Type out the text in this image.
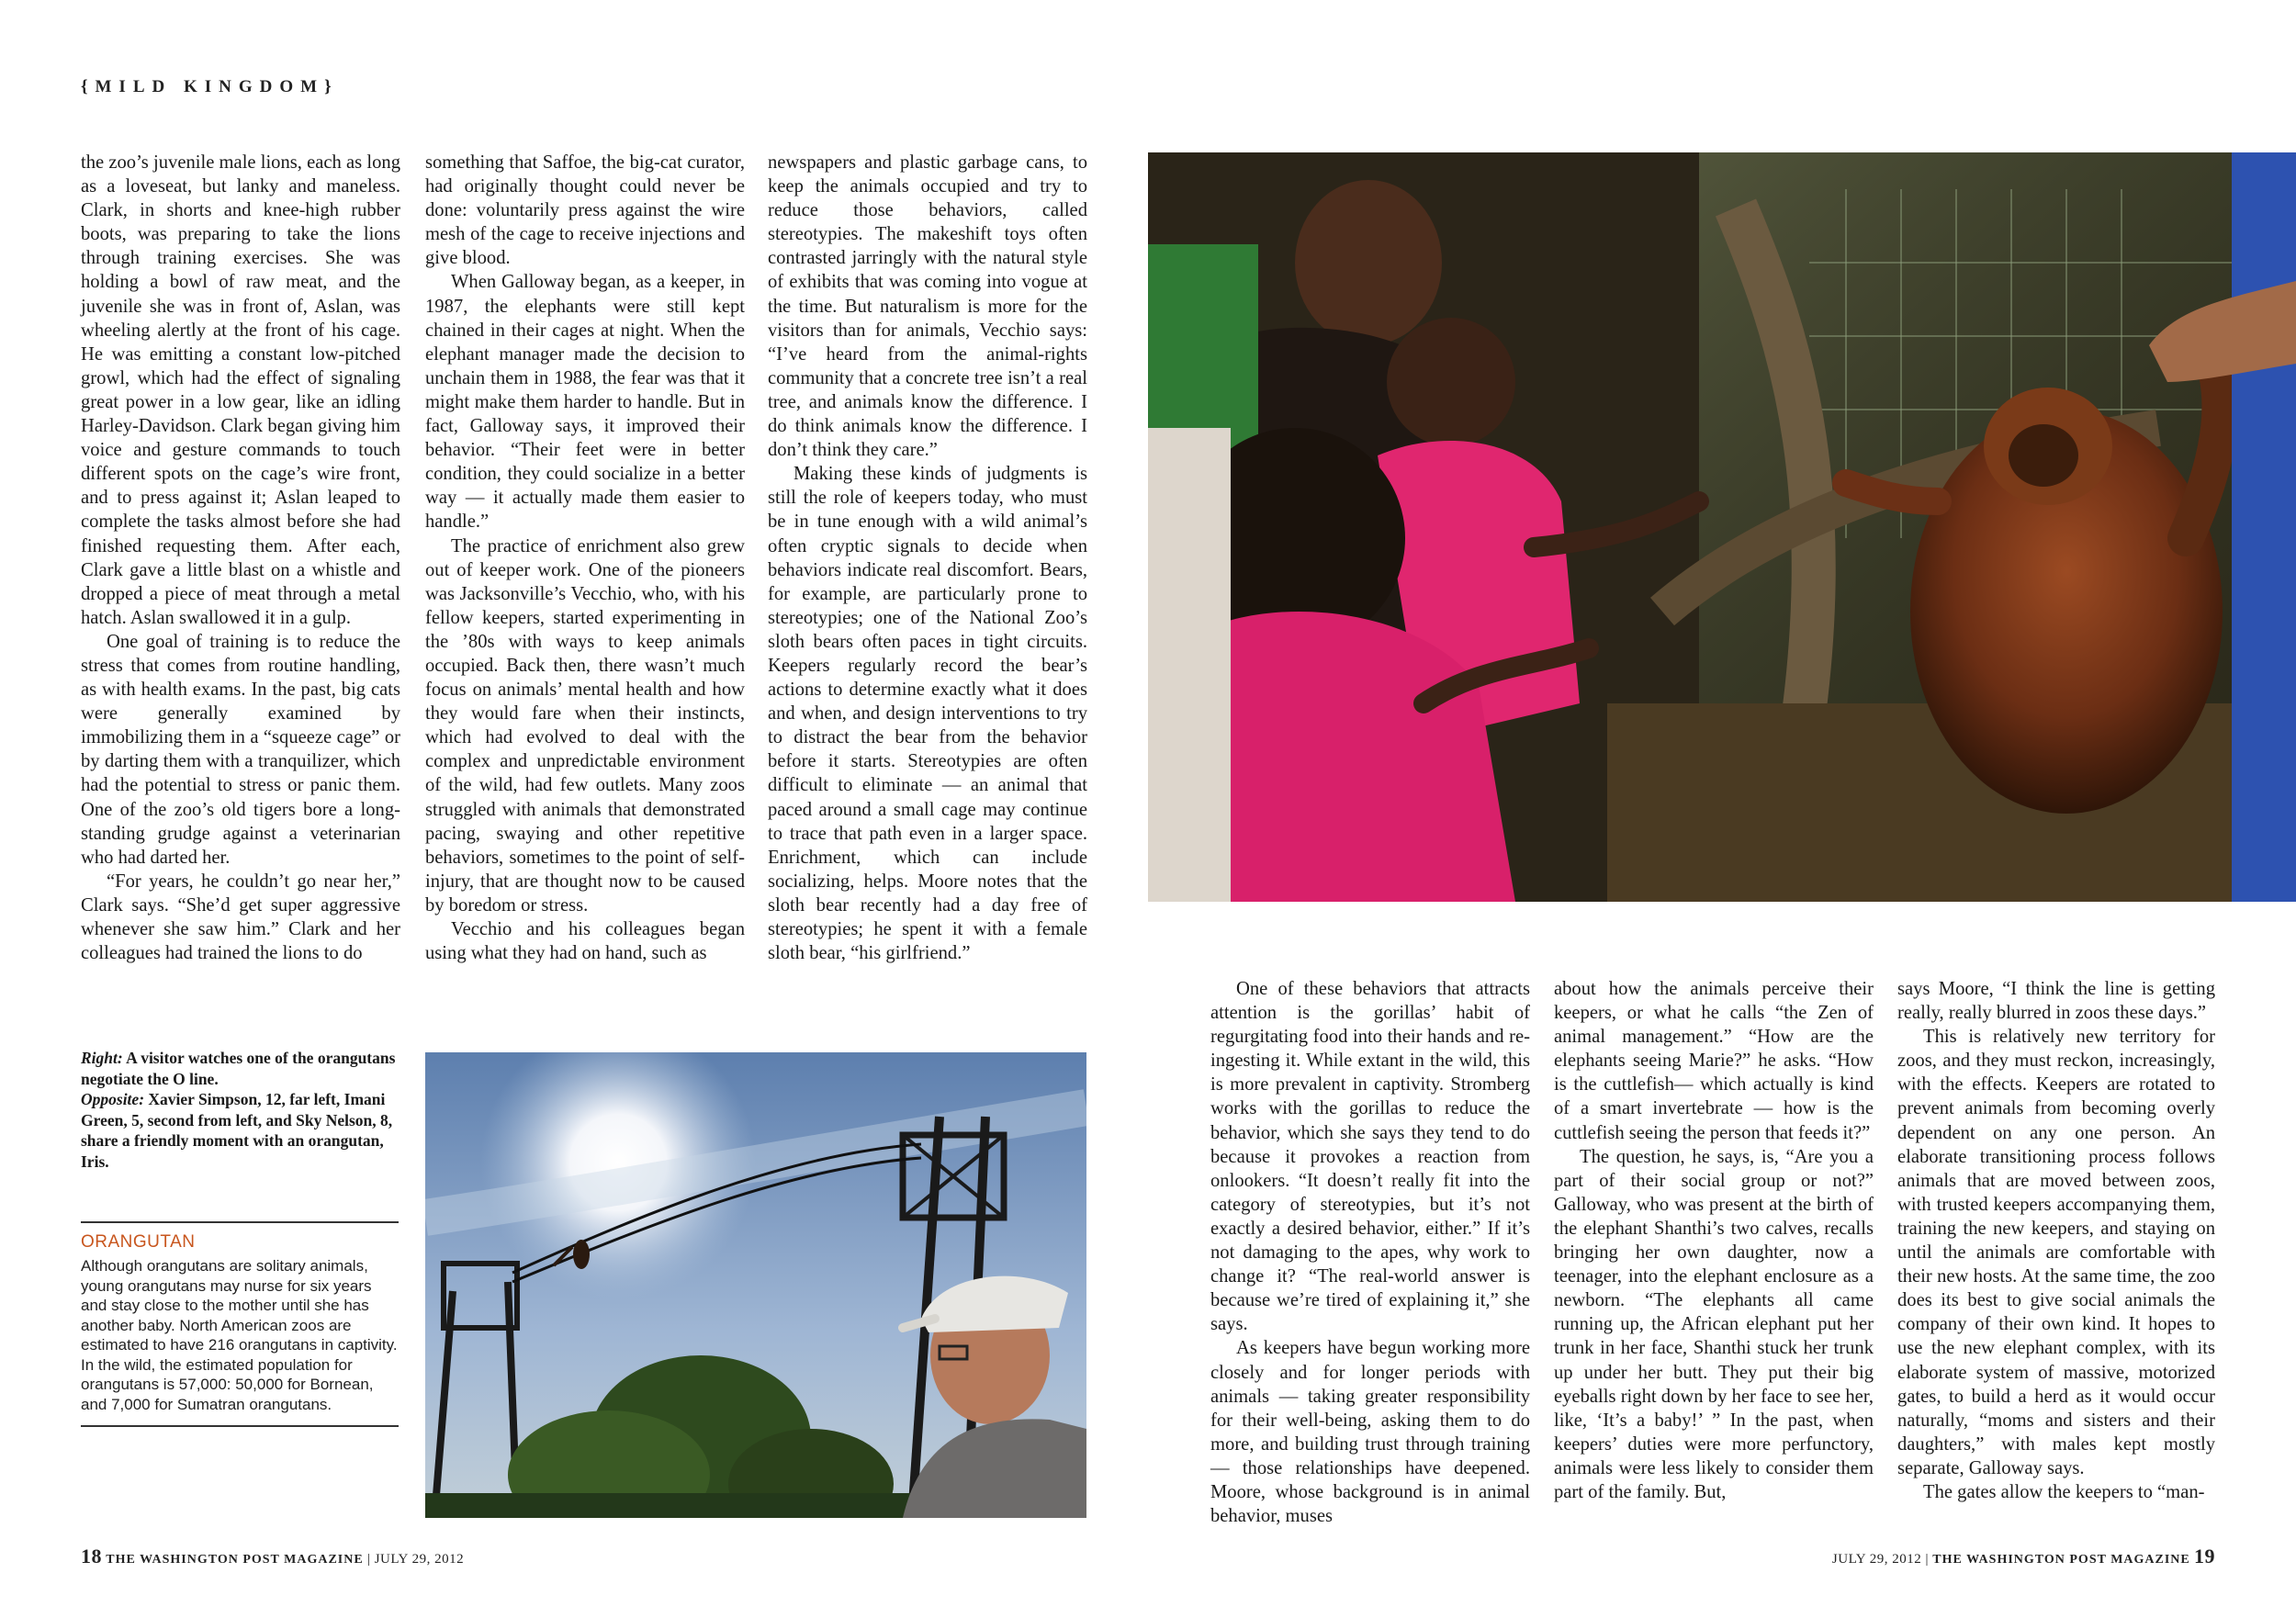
{MILD KINGDOM}

the zoo’s juvenile male lions, each as long as a loveseat, but lanky and maneless. Clark, in shorts and knee-high rubber boots, was preparing to take the lions through training exercises. She was holding a bowl of raw meat, and the juvenile she was in front of, Aslan, was wheeling alertly at the front of his cage. He was emitting a constant low-pitched growl, which had the effect of signaling great power in a low gear, like an idling Harley-Davidson. Clark began giving him voice and gesture commands to touch different spots on the cage’s wire front, and to press against it; Aslan leaped to complete the tasks almost before she had finished requesting them. After each, Clark gave a little blast on a whistle and dropped a piece of meat through a metal hatch. Aslan swallowed it in a gulp.

One goal of training is to reduce the stress that comes from routine handling, as with health exams. In the past, big cats were generally examined by immobilizing them in a “squeeze cage” or by darting them with a tranquilizer, which had the potential to stress or panic them. One of the zoo’s old tigers bore a long-standing grudge against a veterinarian who had darted her.

“For years, he couldn’t go near her,” Clark says. “She’d get super aggressive whenever she saw him.” Clark and her colleagues had trained the lions to do

something that Saffoe, the big-cat curator, had originally thought could never be done: voluntarily press against the wire mesh of the cage to receive injections and give blood.

When Galloway began, as a keeper, in 1987, the elephants were still kept chained in their cages at night. When the elephant manager made the decision to unchain them in 1988, the fear was that it might make them harder to handle. But in fact, Galloway says, it improved their behavior. “Their feet were in better condition, they could socialize in a better way — it actually made them easier to handle.”

The practice of enrichment also grew out of keeper work. One of the pioneers was Jacksonville’s Vecchio, who, with his fellow keepers, started experimenting in the ’80s with ways to keep animals occupied. Back then, there wasn’t much focus on animals’ mental health and how they would fare when their instincts, which had evolved to deal with the complex and unpredictable environment of the wild, had few outlets. Many zoos struggled with animals that demonstrated pacing, swaying and other repetitive behaviors, sometimes to the point of self-injury, that are thought now to be caused by boredom or stress.

Vecchio and his colleagues began using what they had on hand, such as

newspapers and plastic garbage cans, to keep the animals occupied and try to reduce those behaviors, called stereotypies. The makeshift toys often contrasted jarringly with the natural style of exhibits that was coming into vogue at the time. But naturalism is more for the visitors than for animals, Vecchio says: “I’ve heard from the animal-rights community that a concrete tree isn’t a real tree, and animals know the difference. I do think animals know the difference. I don’t think they care.”

Making these kinds of judgments is still the role of keepers today, who must be in tune enough with a wild animal’s often cryptic signals to decide when behaviors indicate real discomfort. Bears, for example, are particularly prone to stereotypies; one of the National Zoo’s sloth bears often paces in tight circuits. Keepers regularly record the bear’s actions to determine exactly what it does and when, and design interventions to try to distract the bear from the behavior before it starts. Stereotypies are often difficult to eliminate — an animal that paced around a small cage may continue to trace that path even in a larger space. Enrichment, which can include socializing, helps. Moore notes that the sloth bear recently had a day free of stereotypies; he spent it with a female sloth bear, “his girlfriend.”

One of these behaviors that attracts attention is the gorillas’ habit of regurgitating food into their hands and re-ingesting it. While extant in the wild, this is more prevalent in captivity. Stromberg works with the gorillas to reduce the behavior, which she says they tend to do because it provokes a reaction from onlookers. “It doesn’t really fit into the category of stereotypies, but it’s not exactly a desired behavior, either.” If it’s not damaging to the apes, why work to change it? “The real-world answer is because we’re tired of explaining it,” she says.

As keepers have begun working more closely and for longer periods with animals — taking greater responsibility for their well-being, asking them to do more, and building trust through training — those relationships have deepened. Moore, whose background is in animal behavior, muses

about how the animals perceive their keepers, or what he calls “the Zen of animal management.” “How are the elephants seeing Marie?” he asks. “How is the cuttlefish— which actually is kind of a smart invertebrate — how is the cuttlefish seeing the person that feeds it?”

The question, he says, is, “Are you a part of their social group or not?” Galloway, who was present at the birth of the elephant Shanthi’s two calves, recalls bringing her own daughter, now a teenager, into the elephant enclosure as a newborn. “The elephants all came running up, the African elephant put her trunk in her face, Shanthi stuck her trunk up under her butt. They put their big eyeballs right down by her face to see her, like, ‘It’s a baby!’ ” In the past, when keepers’ duties were more perfunctory, animals were less likely to consider them part of the family. But,

says Moore, “I think the line is getting really, really blurred in zoos these days.”

This is relatively new territory for zoos, and they must reckon, increasingly, with the effects. Keepers are rotated to prevent animals from becoming overly dependent on any one person. An elaborate transitioning process follows animals that are moved between zoos, with trusted keepers accompanying them, training the new keepers, and staying on until the animals are comfortable with their new hosts. At the same time, the zoo does its best to give social animals the company of their own kind. It hopes to use the new elephant complex, with its elaborate system of massive, motorized gates, to build a herd as it would occur naturally, “moms and sisters and their daughters,” with males kept mostly separate, Galloway says.

The gates allow the keepers to “man-

Right: A visitor watches one of the orangutans negotiate the O line.
Opposite: Xavier Simpson, 12, far left, Imani Green, 5, second from left, and Sky Nelson, 8, share a friendly moment with an orangutan, Iris.
ORANGUTAN
Although orangutans are solitary animals, young orangutans may nurse for six years and stay close to the mother until she has another baby. North American zoos are estimated to have 216 orangutans in captivity. In the wild, the estimated population for orangutans is 57,000: 50,000 for Bornean, and 7,000 for Sumatran orangutans.
18 THE WASHINGTON POST MAGAZINE | JULY 29, 2012	JULY 29, 2012 | THE WASHINGTON POST MAGAZINE 19
